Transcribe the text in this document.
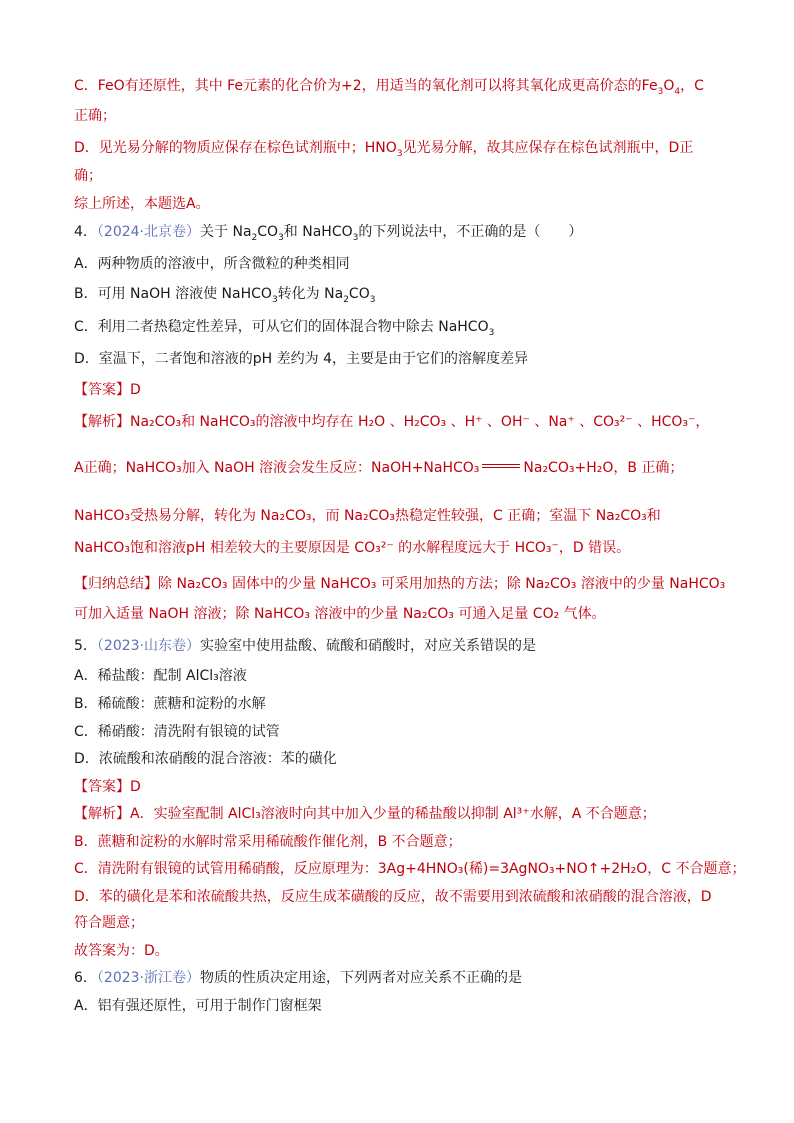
C．FeO有还原性，其中 Fe元素的化合价为+2，用适当的氧化剂可以将其氧化成更高价态的$Fe_3O_4$，C
正确；
D．见光易分解的物质应保存在棕色试剂瓶中；$HNO_3$见光易分解，故其应保存在棕色试剂瓶中，D正
确；
综上所述，本题选A。
4．（2024·北京卷）关于 $Na_2CO_3$和 NaHCO$_3$的下列说法中，不正确的是（　　）
A．两种物质的溶液中，所含微粒的种类相同
B．可用 NaOH 溶液使 NaHCO$_3$转化为 $Na_2CO_3$
C．利用二者热稳定性差异，可从它们的固体混合物中除去 NaHCO$_3$
D．室温下，二者饱和溶液的pH 差约为 4，主要是由于它们的溶解度差异
【答案】D
【解析】Na₂CO₃和 NaHCO₃的溶液中均存在 H₂O 、H₂CO₃ 、H⁺ 、OH⁻ 、Na⁺ 、CO₃²⁻ 、HCO₃⁻，
A正确；NaHCO₃加入 NaOH 溶液会发生反应：NaOH+NaHCO₃	Na₂CO₃+H₂O，B 正确；
NaHCO₃受热易分解，转化为 Na₂CO₃，而 Na₂CO₃热稳定性较强，C 正确；室温下 Na₂CO₃和
NaHCO₃饱和溶液pH 相差较大的主要原因是 CO₃²⁻ 的水解程度远大于 HCO₃⁻，D 错误。
【归纳总结】除 Na₂CO₃ 固体中的少量 NaHCO₃ 可采用加热的方法；除 Na₂CO₃ 溶液中的少量 NaHCO₃
可加入适量 NaOH 溶液；除 NaHCO₃ 溶液中的少量 Na₂CO₃ 可通入足量 CO₂ 气体。
5．（2023·山东卷）实验室中使用盐酸、硫酸和硝酸时，对应关系错误的是
A．稀盐酸：配制 AlCl₃溶液
B．稀硫酸：蔗糖和淀粉的水解
C．稀硝酸：清洗附有银镜的试管
D．浓硫酸和浓硝酸的混合溶液：苯的磺化
【答案】D
【解析】A．实验室配制 AlCl₃溶液时向其中加入少量的稀盐酸以抑制 Al³⁺水解，A 不合题意；
B．蔗糖和淀粉的水解时常采用稀硫酸作催化剂，B 不合题意；
C．清洗附有银镜的试管用稀硝酸，反应原理为：3Ag+4HNO₃(稀)=3AgNO₃+NO↑+2H₂O，C 不合题意；
D．苯的磺化是苯和浓硫酸共热，反应生成苯磺酸的反应，故不需要用到浓硫酸和浓硝酸的混合溶液，D
符合题意；
故答案为：D。
6．（2023·浙江卷）物质的性质决定用途，下列两者对应关系不正确的是
A．铝有强还原性，可用于制作门窗框架
